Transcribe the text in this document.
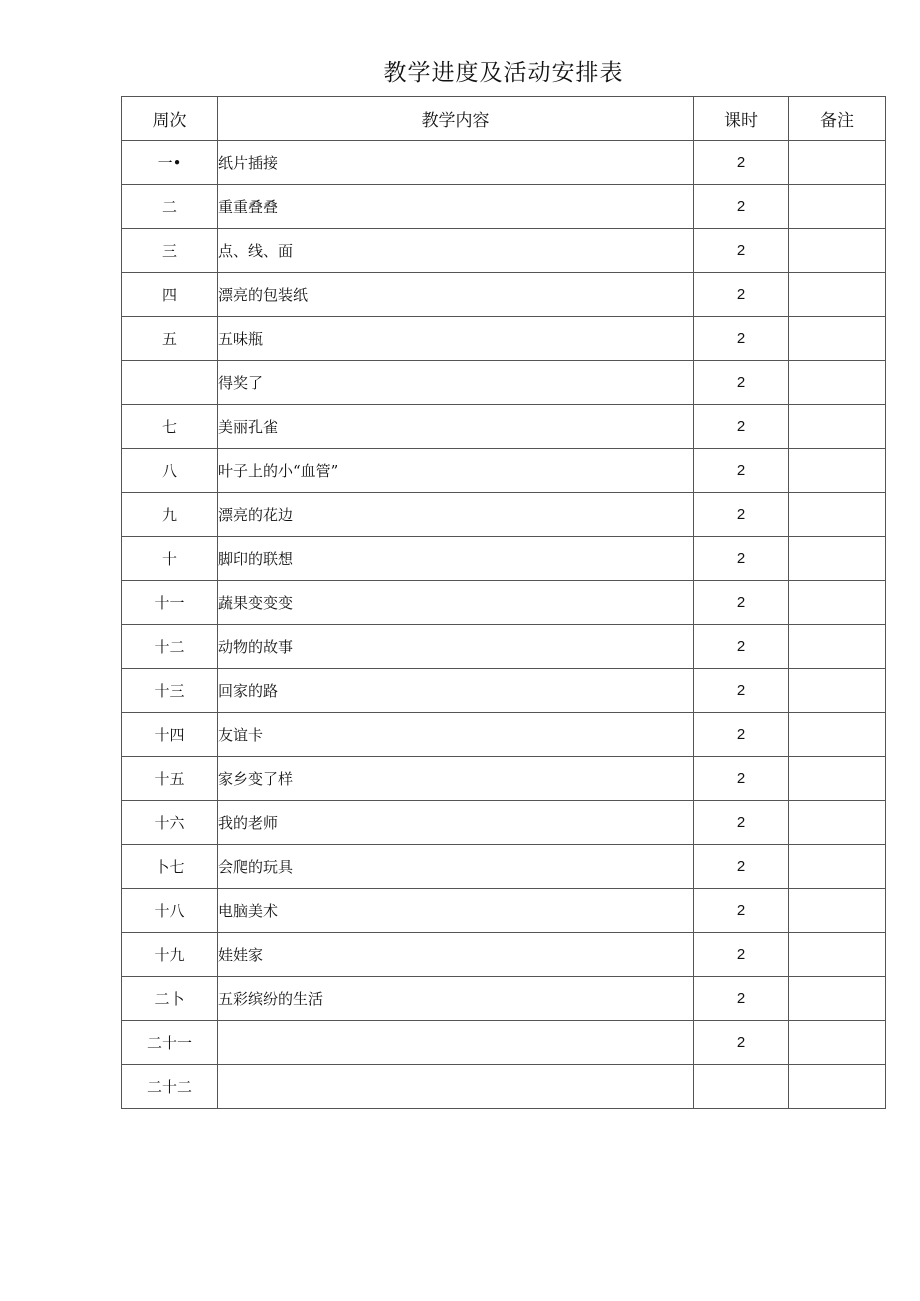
教学进度及活动安排表
周次	教学内容	课时	备注
一•	纸片插接	2	
二	重重叠叠	2	
三	点、线、面	2	
四	漂亮的包装纸	2	
五	五味瓶	2	
	得奖了	2	
七	美丽孔雀	2	
八	叶子上的小“血管”	2	
九	漂亮的花边	2	
十	脚印的联想	2	
十一	蔬果变变变	2	
十二	动物的故事	2	
十三	回家的路	2	
十四	友谊卡	2	
十五	家乡变了样	2	
十六	我的老师	2	
卜七	会爬的玩具	2	
十八	电脑美术	2	
十九	娃娃家	2	
二卜	五彩缤纷的生活	2	
二十一		2	
二十二			
